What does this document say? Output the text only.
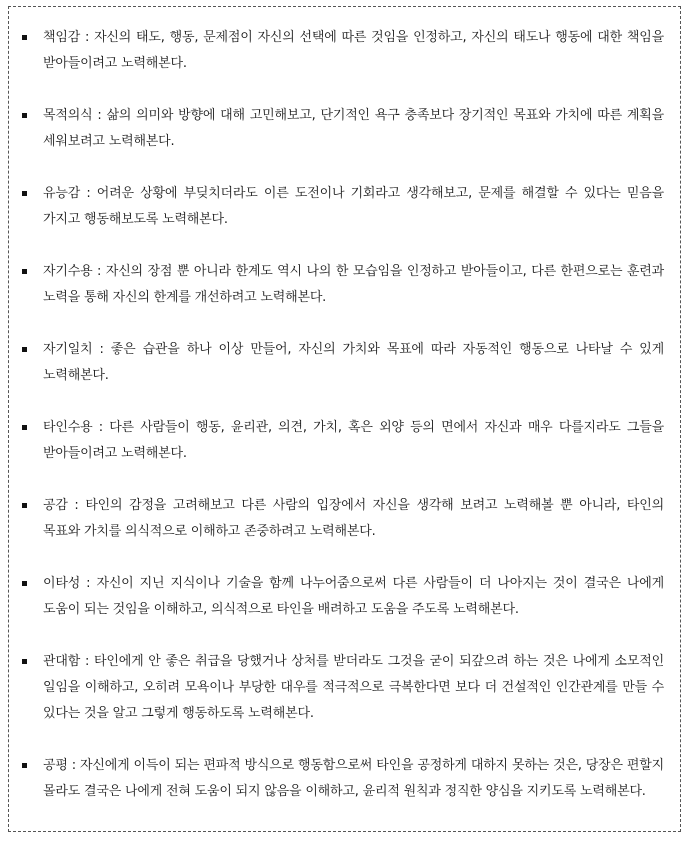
책임감 : 자신의 태도, 행동, 문제점이 자신의 선택에 따른 것임을 인정하고, 자신의 태도나 행동에 대한 책임을 받아들이려고 노력해본다.
목적의식 : 삶의 의미와 방향에 대해 고민해보고, 단기적인 욕구 충족보다 장기적인 목표와 가치에 따른 계획을 세워보려고 노력해본다.
유능감 : 어려운 상황에 부딪치더라도 이른 도전이나 기회라고 생각해보고, 문제를 해결할 수 있다는 믿음을 가지고 행동해보도록 노력해본다.
자기수용 : 자신의 장점 뿐 아니라 한계도 역시 나의 한 모습임을 인정하고 받아들이고, 다른 한편으로는 훈련과 노력을 통해 자신의 한계를 개선하려고 노력해본다.
자기일치 : 좋은 습관을 하나 이상 만들어, 자신의 가치와 목표에 따라 자동적인 행동으로 나타날 수 있게 노력해본다.
타인수용 : 다른 사람들이 행동, 윤리관, 의견, 가치, 혹은 외양 등의 면에서 자신과 매우 다를지라도 그들을 받아들이려고 노력해본다.
공감 : 타인의 감정을 고려해보고 다른 사람의 입장에서 자신을 생각해 보려고 노력해볼 뿐 아니라, 타인의 목표와 가치를 의식적으로 이해하고 존중하려고 노력해본다.
이타성 : 자신이 지닌 지식이나 기술을 함께 나누어줌으로써 다른 사람들이 더 나아지는 것이 결국은 나에게 도움이 되는 것임을 이해하고, 의식적으로 타인을 배려하고 도움을 주도록 노력해본다.
관대함 : 타인에게 안 좋은 취급을 당했거나 상처를 받더라도 그것을 굳이 되갚으려 하는 것은 나에게 소모적인 일임을 이해하고, 오히려 모욕이나 부당한 대우를 적극적으로 극복한다면 보다 더 건설적인 인간관계를 만들 수 있다는 것을 알고 그렇게 행동하도록 노력해본다.
공평 : 자신에게 이득이 되는 편파적 방식으로 행동함으로써 타인을 공정하게 대하지 못하는 것은, 당장은 편할지 몰라도 결국은 나에게 전혀 도움이 되지 않음을 이해하고, 윤리적 원칙과 정직한 양심을 지키도록 노력해본다.
